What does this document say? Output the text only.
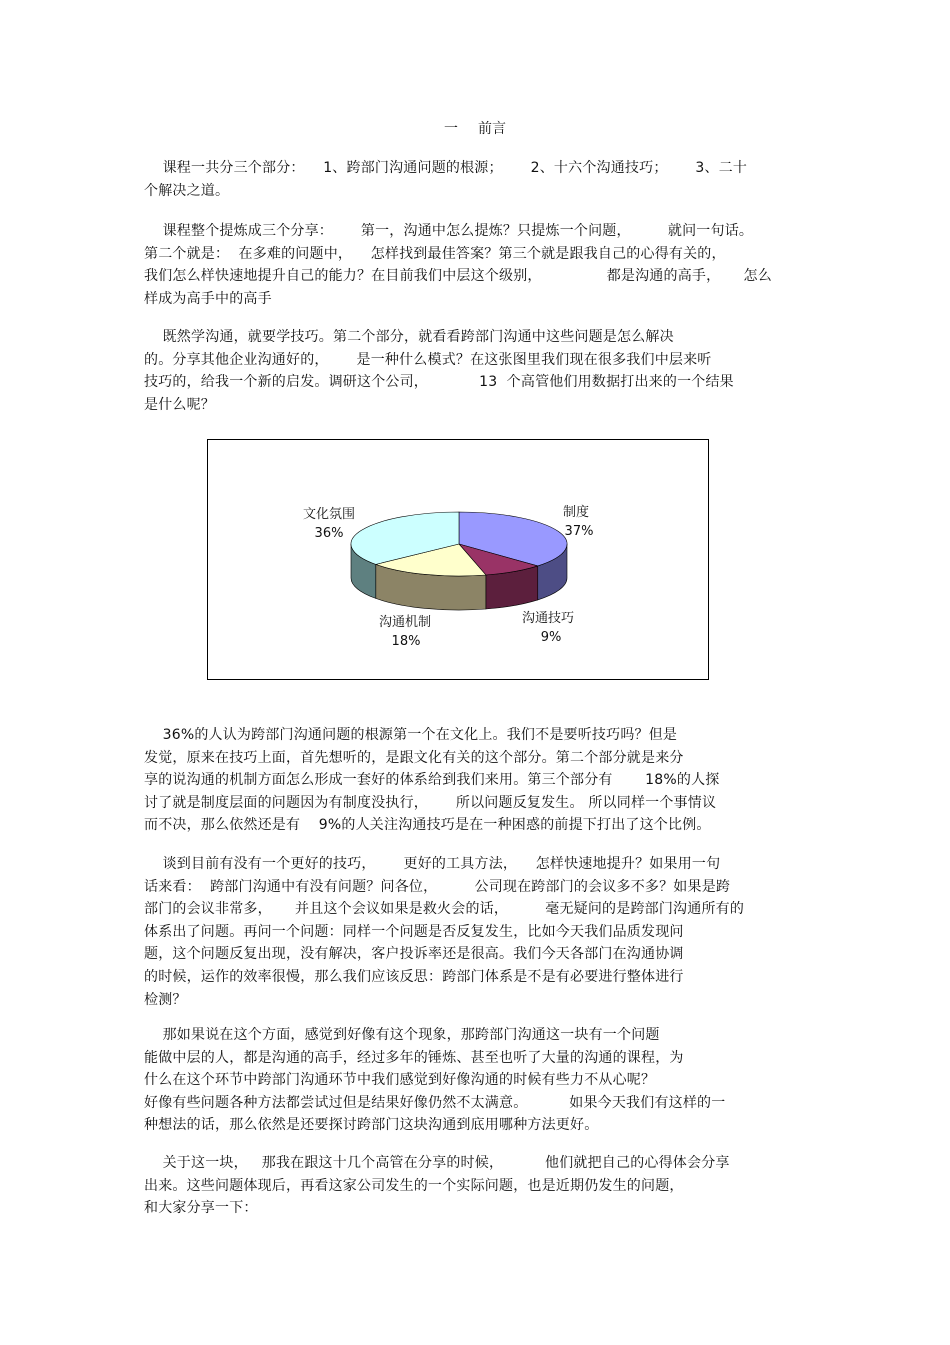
一 前言
课程一共分三个部分：    1、跨部门沟通问题的根源；      2、十六个沟通技巧；      3、二十
个解决之道。
课程整个提炼成三个分享：      第一，沟通中怎么提炼？只提炼一个问题，        就问一句话。
第二个就是：  在多难的问题中，    怎样找到最佳答案？第三个就是跟我自己的心得有关的，
我们怎么样快速地提升自己的能力？在目前我们中层这个级别，              都是沟通的高手，     怎么
样成为高手中的高手
既然学沟通，就要学技巧。第二个部分，就看看跨部门沟通中这些问题是怎么解决
的。分享其他企业沟通好的，      是一种什么模式？在这张图里我们现在很多我们中层来听
技巧的，给我一个新的启发。调研这个公司，           13  个高管他们用数据打出来的一个结果
是什么呢？
制度
37%
沟通技巧
9%
沟通机制
18%
文化氛围
36%
36%的人认为跨部门沟通问题的根源第一个在文化上。我们不是要听技巧吗？但是
发觉，原来在技巧上面，首先想听的，是跟文化有关的这个部分。第二个部分就是来分
享的说沟通的机制方面怎么形成一套好的体系给到我们来用。第三个部分有       18%的人探
讨了就是制度层面的问题因为有制度没执行，      所以问题反复发生。 所以同样一个事情议
而不决，那么依然还是有    9%的人关注沟通技巧是在一种困惑的前提下打出了这个比例。
谈到目前有没有一个更好的技巧，      更好的工具方法，    怎样快速地提升？如果用一句
话来看：  跨部门沟通中有没有问题？问各位，        公司现在跨部门的会议多不多？如果是跨
部门的会议非常多，     并且这个会议如果是救火会的话，        毫无疑问的是跨部门沟通所有的
体系出了问题。再问一个问题：同样一个问题是否反复发生，比如今天我们品质发现问
题，这个问题反复出现，没有解决，客户投诉率还是很高。我们今天各部门在沟通协调
的时候，运作的效率很慢，那么我们应该反思：跨部门体系是不是有必要进行整体进行
检测？
那如果说在这个方面，感觉到好像有这个现象，那跨部门沟通这一块有一个问题
能做中层的人，都是沟通的高手，经过多年的锤炼、甚至也听了大量的沟通的课程，为
什么在这个环节中跨部门沟通环节中我们感觉到好像沟通的时候有些力不从心呢？
好像有些问题各种方法都尝试过但是结果好像仍然不太满意。         如果今天我们有这样的一
种想法的话，那么依然是还要探讨跨部门这块沟通到底用哪种方法更好。
关于这一块，   那我在跟这十几个高管在分享的时候，         他们就把自己的心得体会分享
出来。这些问题体现后，再看这家公司发生的一个实际问题，也是近期仍发生的问题，
和大家分享一下：
